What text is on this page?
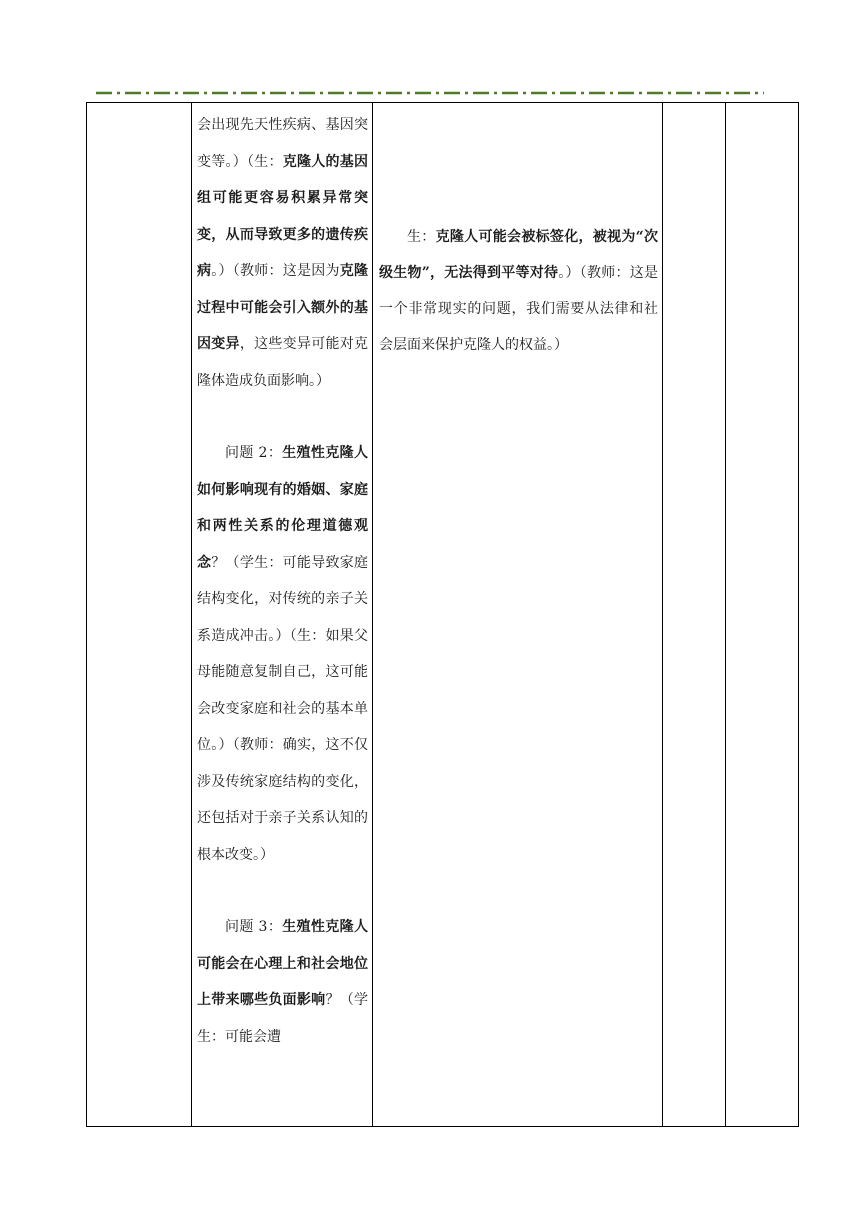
会出现先天性疾病、基因突变等。）（生：克隆人的基因组可能更容易积累异常突变，从而导致更多的遗传疾病。）（教师：这是因为克隆过程中可能会引入额外的基因变异，这些变异可能对克隆体造成负面影响。）

问题 2：生殖性克隆人如何影响现有的婚姻、家庭和两性关系的伦理道德观念？（学生：可能导致家庭结构变化，对传统的亲子关系造成冲击。）（生：如果父母能随意复制自己，这可能会改变家庭和社会的基本单位。）（教师：确实，这不仅涉及传统家庭结构的变化，还包括对于亲子关系认知的根本改变。）

问题 3：生殖性克隆人可能会在心理上和社会地位上带来哪些负面影响？（学生：可能会遭

生：克隆人可能会被标签化，被视为“次级生物”，无法得到平等对待。）（教师：这是一个非常现实的问题，我们需要从法律和社会层面来保护克隆人的权益。）
